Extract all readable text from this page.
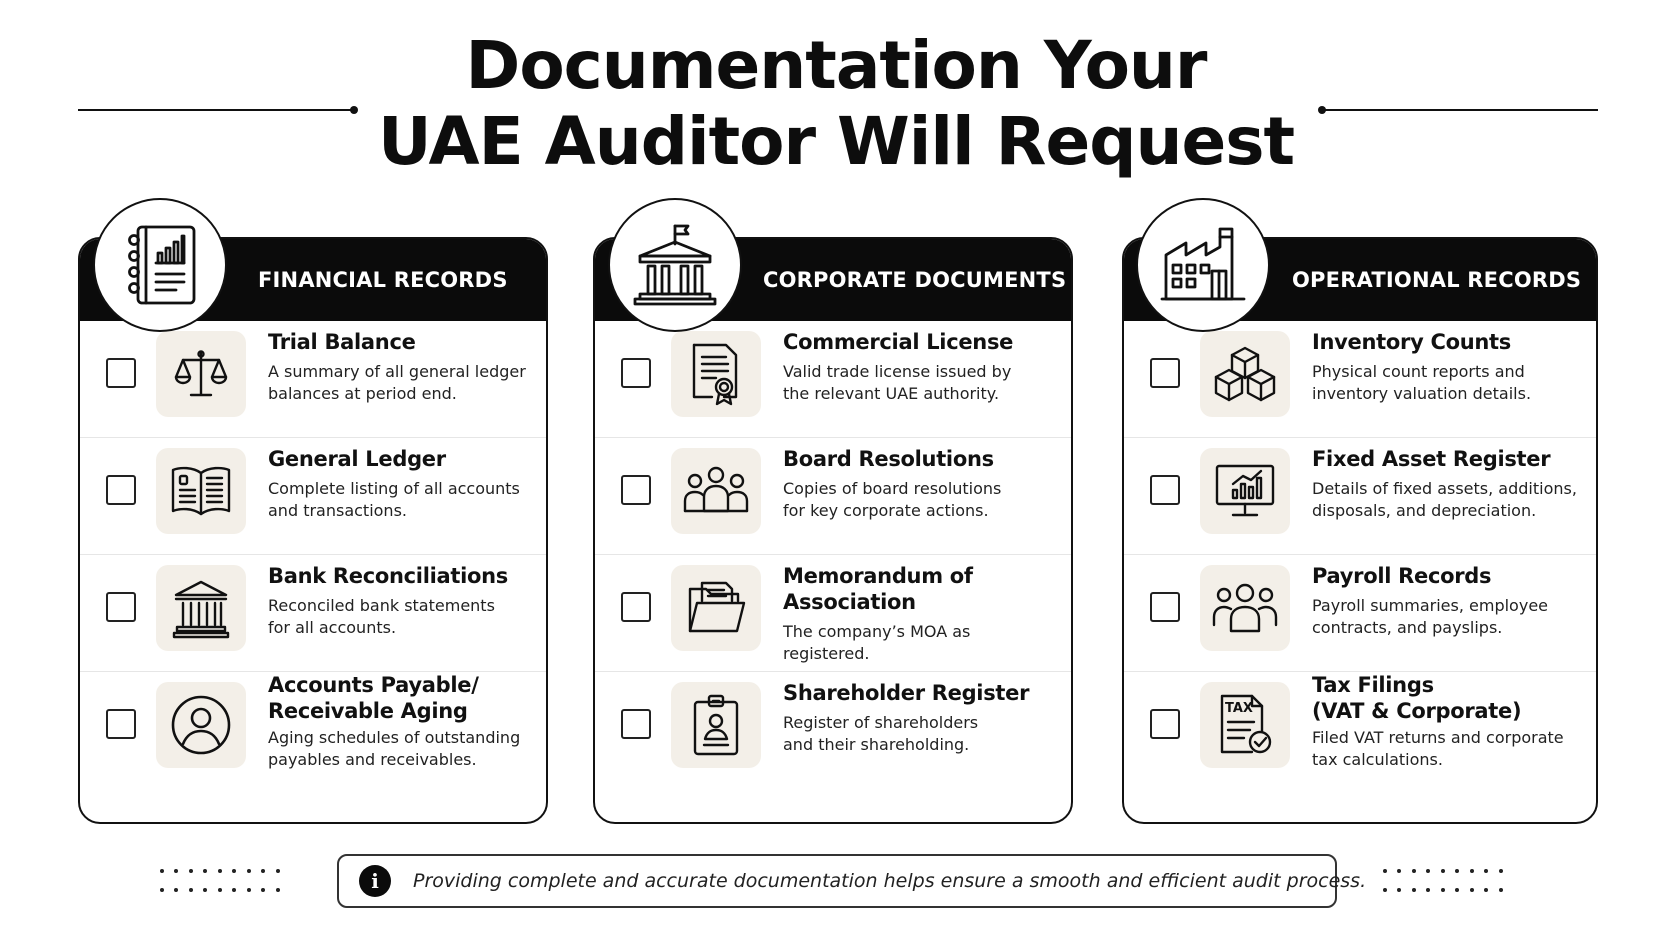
Documentation Your
UAE Auditor Will Request
FINANCIAL RECORDS
Trial Balance
A summary of all general ledger
balances at period end.
General Ledger
Complete listing of all accounts
and transactions.
Bank Reconciliations
Reconciled bank statements
for all accounts.
Accounts Payable/
Receivable Aging
Aging schedules of outstanding
payables and receivables.
CORPORATE DOCUMENTS
Commercial License
Valid trade license issued by
the relevant UAE authority.
Board Resolutions
Copies of board resolutions
for key corporate actions.
Memorandum of Association
The company’s MOA as
registered.
Shareholder Register
Register of shareholders
and their shareholding.
OPERATIONAL RECORDS
Inventory Counts
Physical count reports and
inventory valuation details.
Fixed Asset Register
Details of fixed assets, additions,
disposals, and depreciation.
Payroll Records
Payroll summaries, employee
contracts, and payslips.
TAX
Tax Filings
(VAT & Corporate)
Filed VAT returns and corporate
tax calculations.
i	Providing complete and accurate documentation helps ensure a smooth and efficient audit process.
